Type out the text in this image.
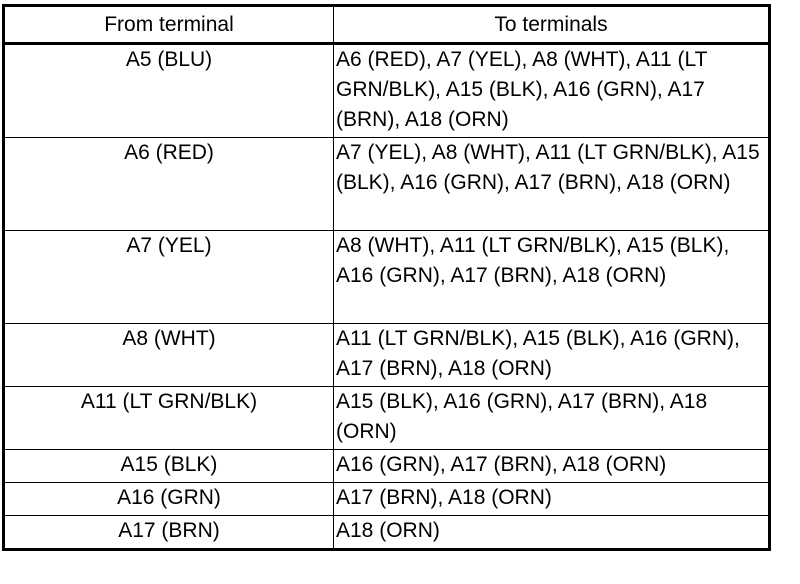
From terminal	To terminals
A5 (BLU)	A6 (RED), A7 (YEL), A8 (WHT), A11 (LT GRN/BLK), A15 (BLK), A16 (GRN), A17 (BRN), A18 (ORN)
A6 (RED)	A7 (YEL), A8 (WHT), A11 (LT GRN/BLK), A15 (BLK), A16 (GRN), A17 (BRN), A18 (ORN)
A7 (YEL)	A8 (WHT), A11 (LT GRN/BLK), A15 (BLK), A16 (GRN), A17 (BRN), A18 (ORN)
A8 (WHT)	A11 (LT GRN/BLK), A15 (BLK), A16 (GRN), A17 (BRN), A18 (ORN)
A11 (LT GRN/BLK)	A15 (BLK), A16 (GRN), A17 (BRN), A18 (ORN)
A15 (BLK)	A16 (GRN), A17 (BRN), A18 (ORN)
A16 (GRN)	A17 (BRN), A18 (ORN)
A17 (BRN)	A18 (ORN)
